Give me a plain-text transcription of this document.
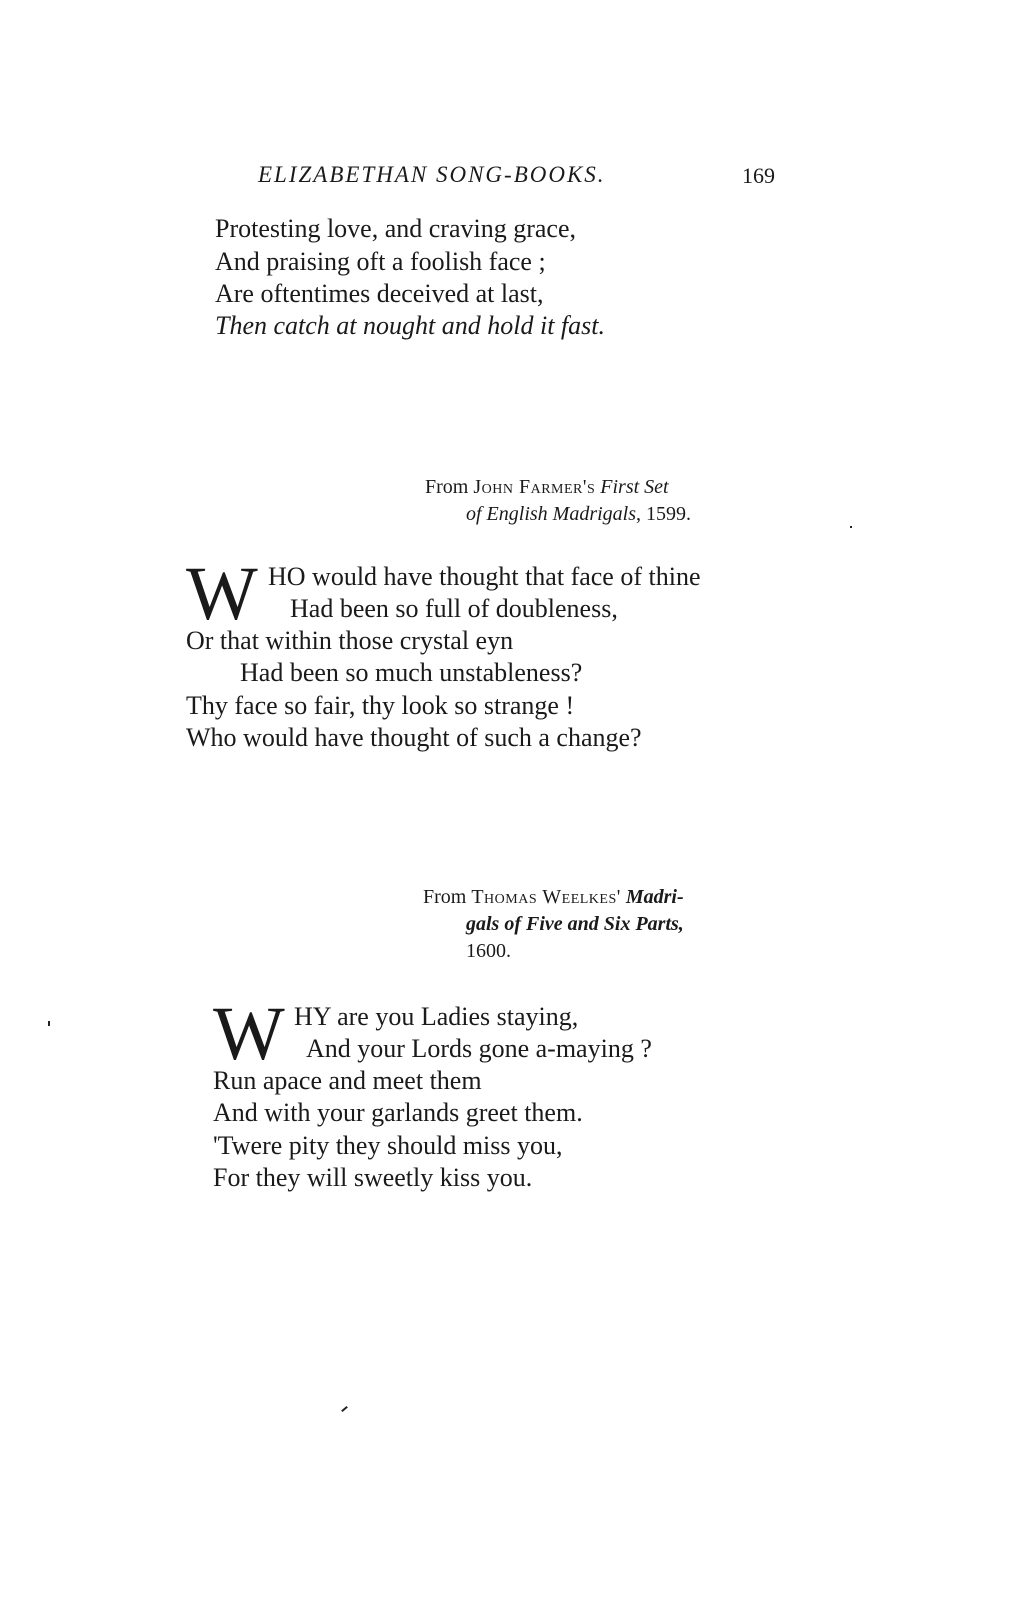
ELIZABETHAN SONG-BOOKS.	169
Protesting love, and craving grace,
And praising oft a foolish face ;
Are oftentimes deceived at last,
Then catch at nought and hold it fast.
From John Farmer's First Set
of English Madrigals, 1599.
W HO would have thought that face of thine
Had been so full of doubleness,
Or that within those crystal eyn
Had been so much unstableness?
Thy face so fair, thy look so strange !
Who would have thought of such a change?
From Thomas Weelkes' Madri-
gals of Five and Six Parts,
1600.
W HY are you Ladies staying,
And your Lords gone a-maying ?
Run apace and meet them
And with your garlands greet them.
'Twere pity they should miss you,
For they will sweetly kiss you.
